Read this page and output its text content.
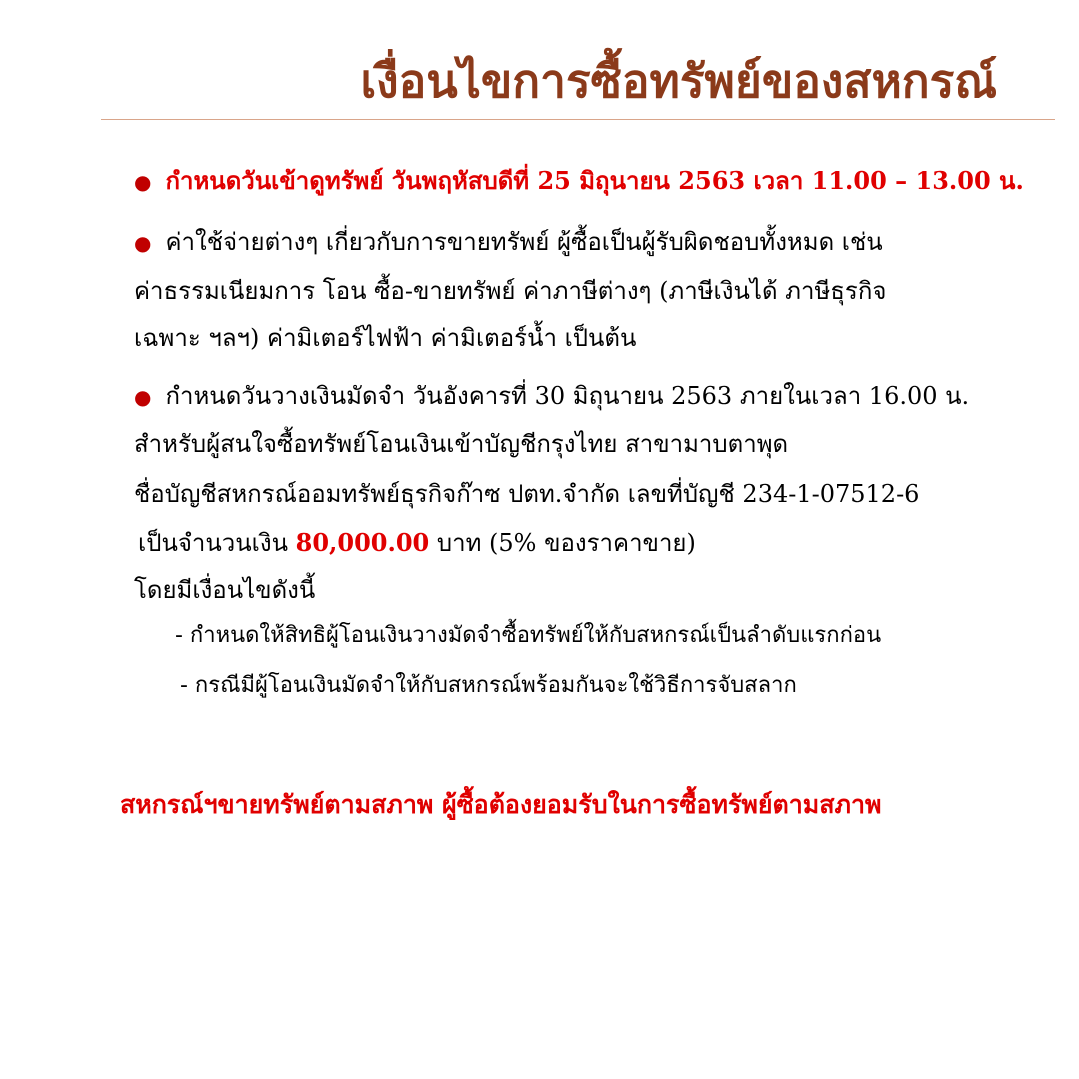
เงื่อนไขการซื้อทรัพย์ของสหกรณ์
● กำหนดวันเข้าดูทรัพย์ วันพฤหัสบดีที่ 25 มิถุนายน 2563 เวลา 11.00 – 13.00 น.
● ค่าใช้จ่ายต่างๆ เกี่ยวกับการขายทรัพย์ ผู้ซื้อเป็นผู้รับผิดชอบทั้งหมด เช่น
ค่าธรรมเนียมการ โอน ซื้อ-ขายทรัพย์ ค่าภาษีต่างๆ (ภาษีเงินได้ ภาษีธุรกิจ
เฉพาะ ฯลฯ) ค่ามิเตอร์ไฟฟ้า ค่ามิเตอร์น้ำ เป็นต้น
● กำหนดวันวางเงินมัดจำ วันอังคารที่ 30 มิถุนายน 2563 ภายในเวลา 16.00 น.
สำหรับผู้สนใจซื้อทรัพย์โอนเงินเข้าบัญชีกรุงไทย สาขามาบตาพุด
ชื่อบัญชีสหกรณ์ออมทรัพย์ธุรกิจก๊าซ ปตท.จำกัด เลขที่บัญชี 234-1-07512-6
เป็นจำนวนเงิน 80,000.00 บาท (5% ของราคาขาย)
โดยมีเงื่อนไขดังนี้
- กำหนดให้สิทธิผู้โอนเงินวางมัดจำซื้อทรัพย์ให้กับสหกรณ์เป็นลำดับแรกก่อน
- กรณีมีผู้โอนเงินมัดจำให้กับสหกรณ์พร้อมกันจะใช้วิธีการจับสลาก
สหกรณ์ฯขายทรัพย์ตามสภาพ ผู้ซื้อต้องยอมรับในการซื้อทรัพย์ตามสภาพ
